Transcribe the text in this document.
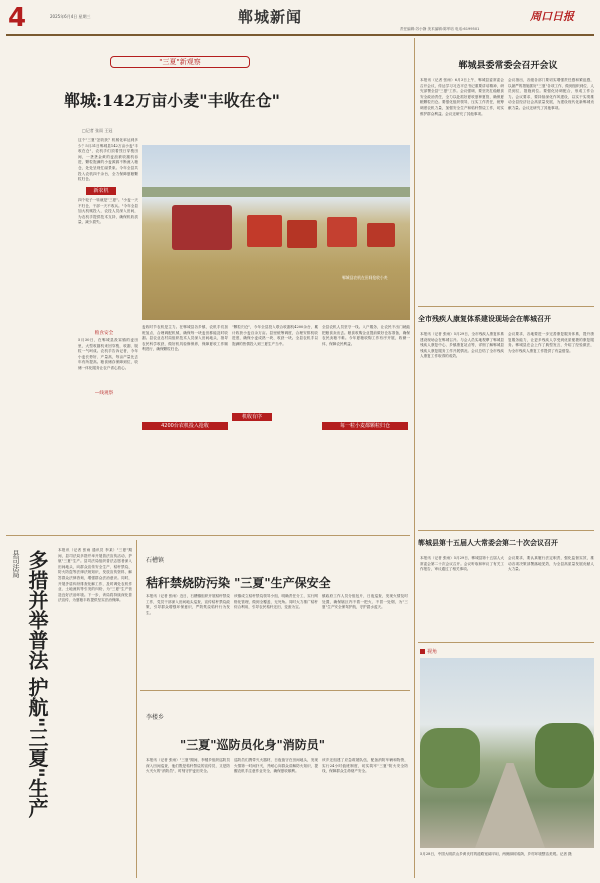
4	2025年6月4日 星期三	郸城新闻
责任编辑:苏小静 美术编辑:陈军培 电话:6199501
周口日报
"三夏"新观察
郸城:142万亩小麦"丰收在仓"
□记者 张雨 王冠
这个"三夏"怎收获？机械化率达到多少？5月31日郸城县142万亩小麦"丰收在仓"，农机手们顶着烈日穿梭田间，一垄垄金黄的麦浪被收割机吞进，颗粒饱满的小麦源源不断流入粮仓，处处呈现忙碌景象。今年全县共投入农机四千余台，全力保障夏粮颗粒归仓。
新农机
四个轮子一转就是"三夏"。"小麦一天不归仓，干部一天不收兵。"今年全县加大机械投入，农技人员深入田间，为农机手提供技术支持，确保机收质量，减少损失。
粮食安全
5月30日，在郸城县汲冢镇的麦田里，大型收割机来回穿梭，收割、脱粒一气呵成。农机手告诉记者，今年小麦长势好、产量高，每亩产量比去年有所提高。粮食储存保障到位，收储一体化服务让农户省心放心。
—线观察
郸城县农机在田间抢收小麦
麦收时节农机是主力。在郸城县各乡镇，农机手们加班加点，合理调配机械，确保每一块麦田都能及时收割。县农业农村局组织技术人员深入田间地头，指导农民科学收获，做好机具检修保养，保障夏收工作顺利进行，确保颗粒归仓。
4200台农机投入抢收
"颗粒归仓"，今年全县投入联合收割机4200余台，累计收获小麦百余万亩。县里统筹调度，合理安排机收进度，确保小麦成熟一块、收获一块。全县农机手以饱满的热情投入到三夏生产当中。
机收有序
全县农机人员坚守一线。入户服务，让农民不出门就能把粮食卖出去。粮食收购企业提前做好仓容准备，确保农民卖粮不难。今年夏粮收购工作有序开展，收储一体，保障农民利益。
每一粒小麦都颗粒归仓
县司法局 多措并举普法 护航"三夏"生产	本报讯（记者 张雨 通讯员 李某）"三夏"期间，县司法局多措并举开展普法宣传活动，护航"三夏"生产。县司法局组织普法志愿者深入田间地头，向群众宣传安全生产、秸秆禁烧、防火防盗等法律法规知识，发放宣传资料，解答群众法律咨询，增强群众法治意识。同时，开展矛盾纠纷排查化解工作，及时调处农机作业、土地流转等引发的纠纷，为"三夏"生产营造良好法治环境。下一步，该局将持续深化普法宣传，为夏粮丰收提供坚实法治保障。
石槽镇
秸秆禁烧防污染 "三夏"生产保安全
本报讯（记者 张雨）近日，石槽镇组织开展秸秆禁烧工作，党员干部深入田间地头巡查，宣传秸秆禁烧政策，引导群众增强环保意识，严防焚烧秸秆行为发生。
该镇成立秸秆禁烧领导小组，明确责任分工，实行网格化管理，做到全覆盖、无死角。同时大力推广秸秆综合利用，引导农民秸秆还田，变废为宝。
镇政府工作人员分组包片，日夜巡查，发现火情及时处置，确保辖区内不着一把火、不冒一处烟，为"三夏"生产安全保驾护航，守护碧水蓝天。
李楼乡
"三夏"巡防员化身"消防员"
本报讯（记者 张雨）"三夏"期间，李楼乡组织巡防员深入田间巡查，他们既是秸秆禁烧的宣传员，又是防火灭火的"消防员"，时刻守护麦田安全。
巡防员们携带灭火器材，日夜值守在田间地头，发现火情第一时间扑灭，并耐心向群众讲解防火知识，提醒农机手注意作业安全，确保夏收顺利。
该乡还组建了应急救援队伍，配备消防车辆和物资，实行24小时值班制度，切实筑牢"三夏"防火安全防线，保障群众生命财产安全。
郸城县委常委会召开会议
本报讯（记者 张雨）6月3日上午，郸城县委常委会召开会议，传达学习习近平总书记重要讲话精神，研究部署全县"三夏"工作。会议强调，要坚决扛稳粮食安全政治责任，全力以赴抓好夏收夏种夏管，确保夏粮颗粒归仓。要强化组织领导，压实工作责任，统筹调度农机力量，加强安全生产和秸秆禁烧工作，切实维护群众利益。会议还研究了其他事项。
会议指出，各级各部门要切实增强责任感和紧迫感，以最严的措施抓好"三夏"各项工作，做到组织到位、人员到位、措施到位。要强化协调配合，形成工作合力。会议要求，要持续深化作风建设，以实干实绩推动全县经济社会高质量发展，为建设现代化新郸城贡献力量。会议还研究了其他事项。
全市残疾人康复体系建设现场会在郸城召开
本报讯（记者 张雨）5月29日，全市残疾人康复体系建设现场会在郸城召开。与会人员实地观摩了郸城县残疾人康复中心、乡镇康复站点等，详细了解郸城县残疾人康复服务工作开展情况。会议总结了全市残疾人康复工作取得的成效。
会议要求，各地要进一步完善康复服务体系，提升康复服务能力，让更多残疾人享受到优质便捷的康复服务。郸城县在会上作了典型发言，介绍了经验做法，为全市残疾人康复工作提供了有益借鉴。
郸城县第十五届人大常委会第二十次会议召开
本报讯（记者 张雨）5月29日，郸城县第十五届人大常委会第二十次会议召开。会议听取和审议了有关工作报告，审议通过了相关事项。
会议要求，要认真履行法定职责，强化监督实效，推动各项决策部署落地见效，为全县高质量发展贡献人大力量。
视角
5月28日，中国大明洪山乡黄氏村的道路宽阔平坦，两侧绿树成荫，乡村环境整洁美观。记者 摄
